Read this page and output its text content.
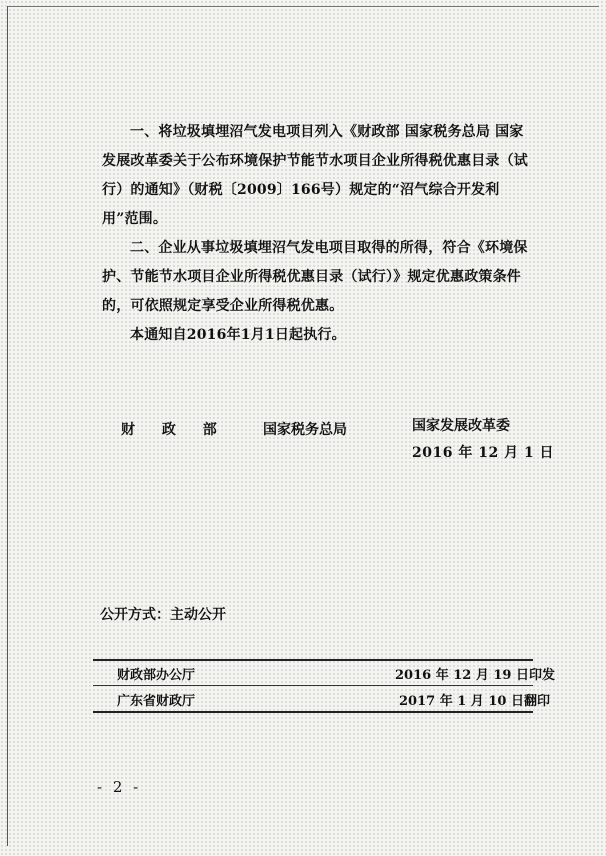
一、将垃圾填埋沼气发电项目列入《财政部 国家税务总局 国家发展改革委关于公布环境保护节能节水项目企业所得税优惠目录（试行）的通知》（财税〔2009〕166号）规定的“沼气综合开发利用”范围。

二、企业从事垃圾填埋沼气发电项目取得的所得，符合《环境保护、节能节水项目企业所得税优惠目录（试行）》规定优惠政策条件的，可依照规定享受企业所得税优惠。

本通知自2016年1月1日起执行。

财 政 部	国家税务总局	国家发展改革委
2016 年 12 月 1 日
公开方式：主动公开
财政部办公厅	2016 年 12 月 19 日印发
广东省财政厅	2017 年 1 月 10 日翻印
- 2 -
